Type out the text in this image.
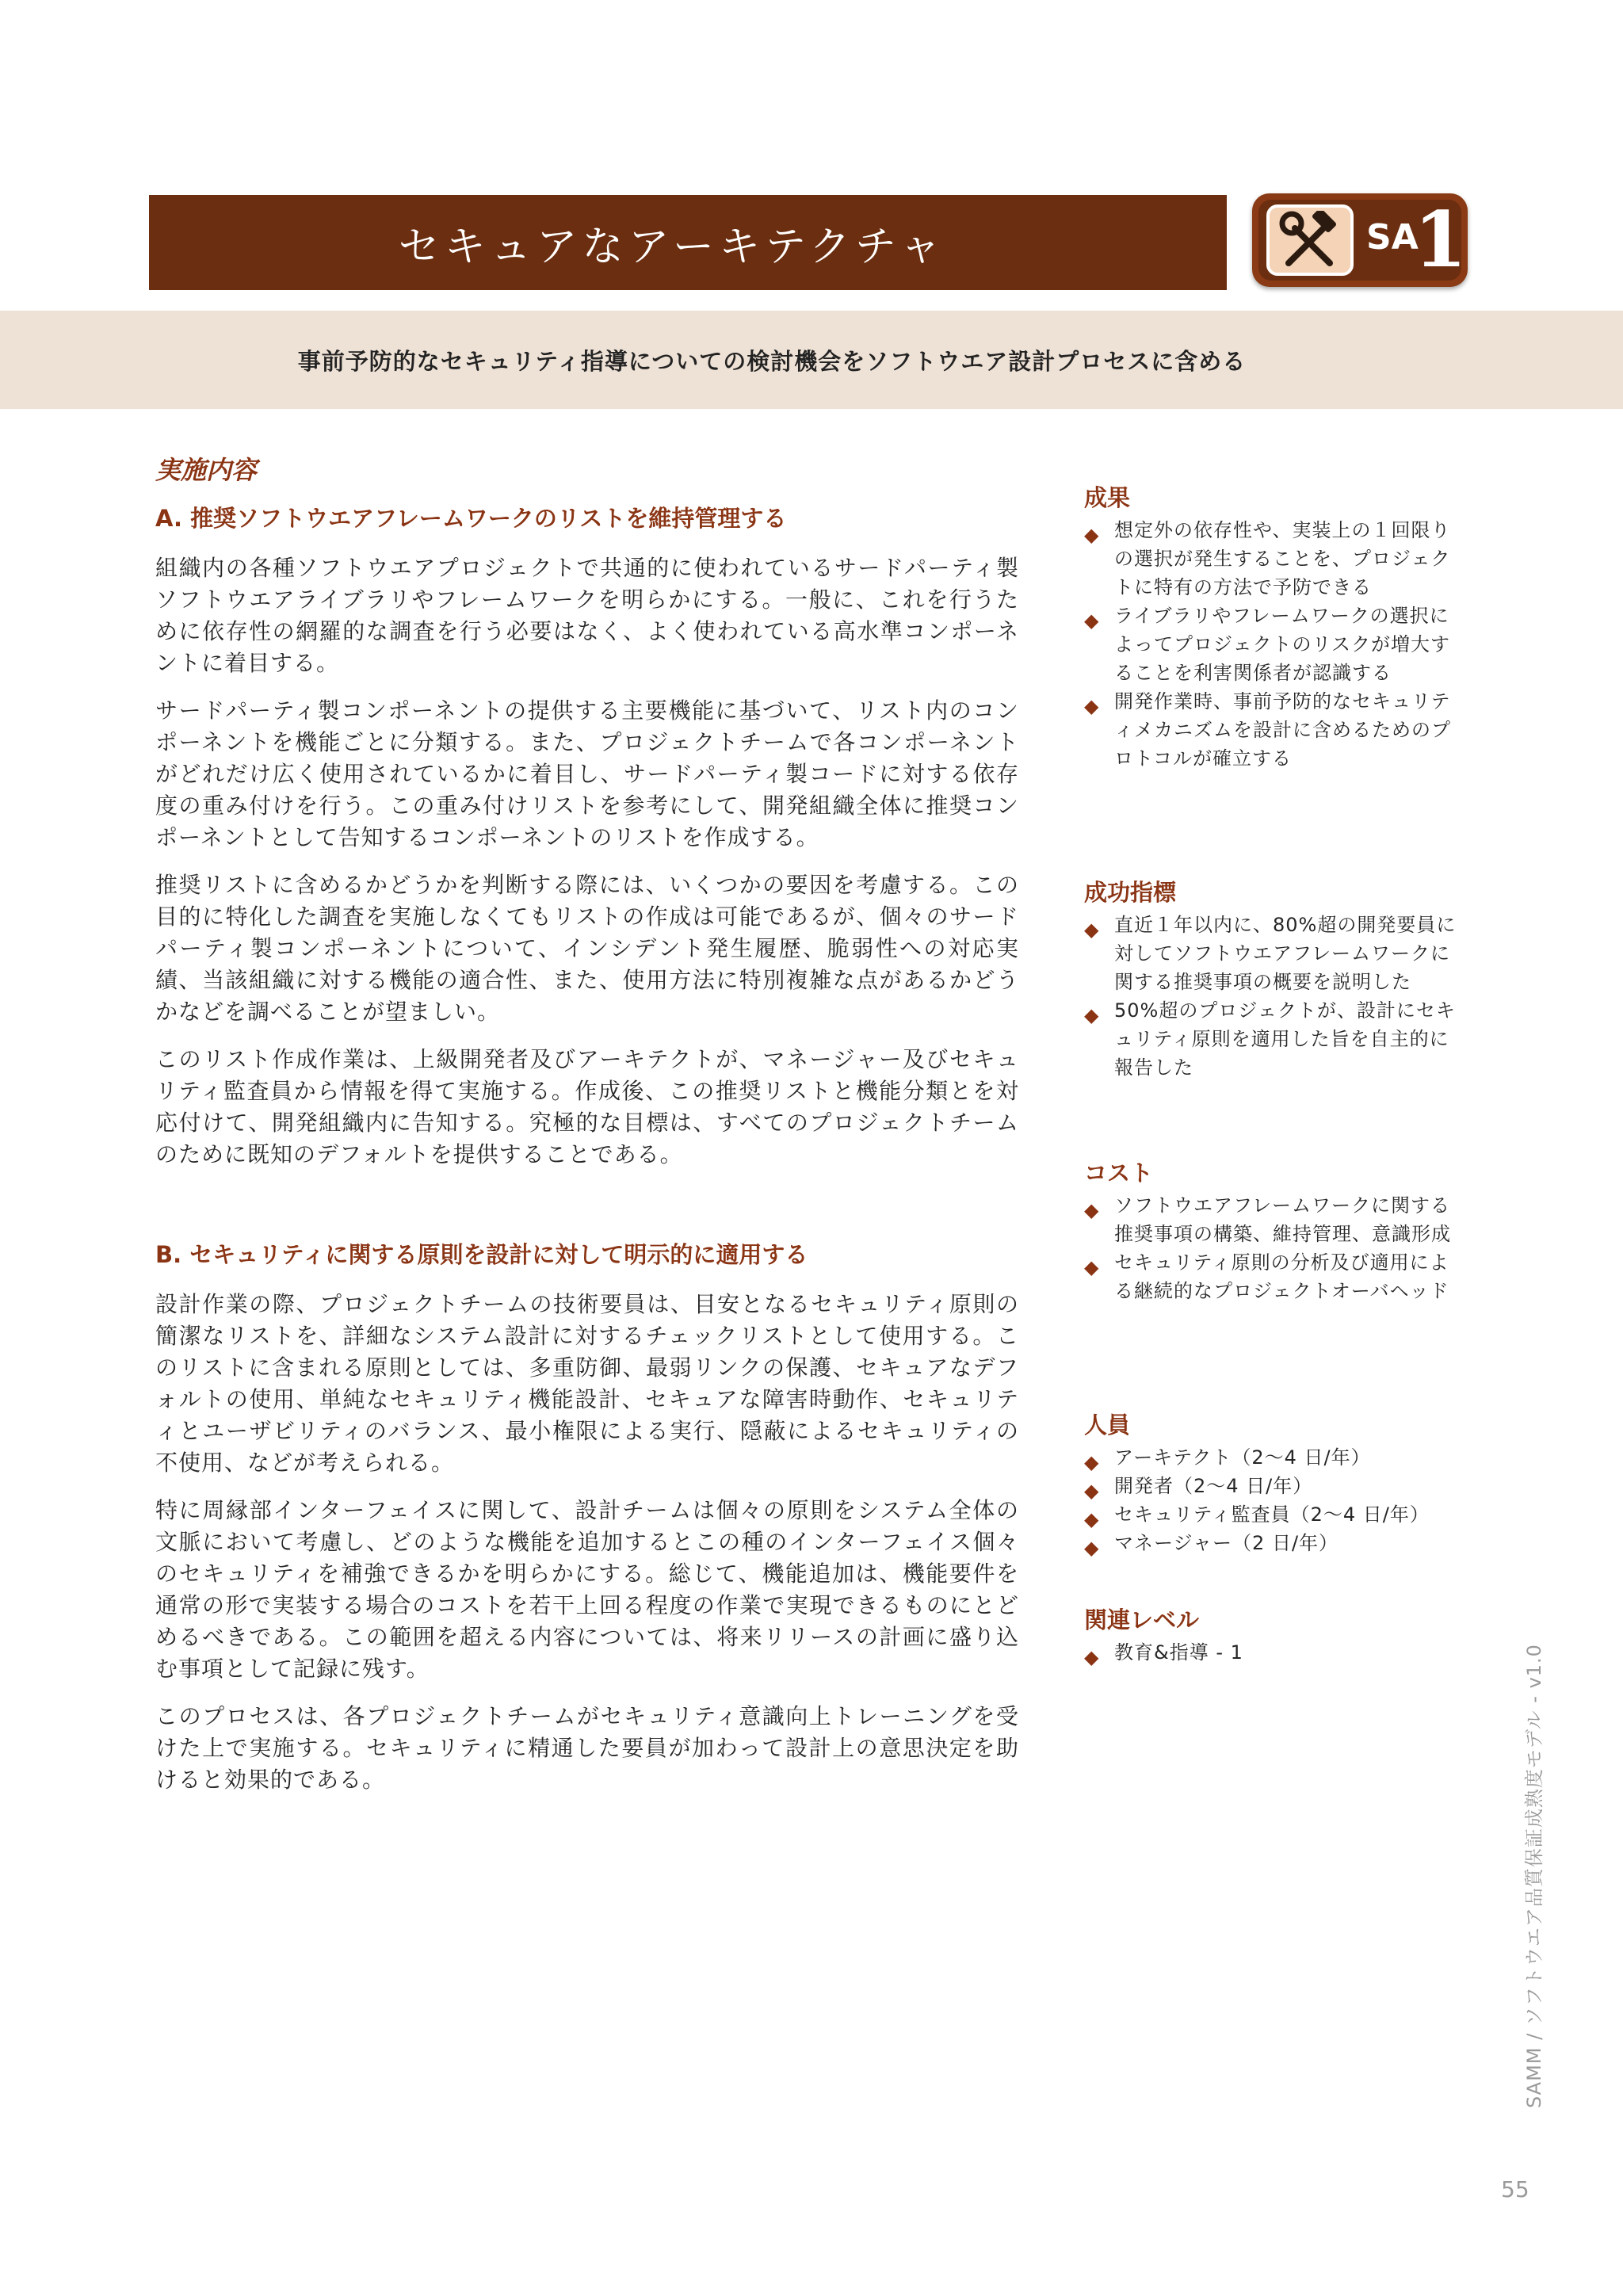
セキュアなアーキテクチャ	SA
1
事前予防的なセキュリティ指導についての検討機会をソフトウエア設計プロセスに含める
実施内容
A. 推奨ソフトウエアフレームワークのリストを維持管理する

組織内の各種ソフトウエアプロジェクトで共通的に使われているサードパーティ製ソフトウエアライブラリやフレームワークを明らかにする。一般に、これを行うために依存性の網羅的な調査を行う必要はなく、よく使われている高水準コンポーネントに着目する。

サードパーティ製コンポーネントの提供する主要機能に基づいて、リスト内のコンポーネントを機能ごとに分類する。また、プロジェクトチームで各コンポーネントがどれだけ広く使用されているかに着目し、サードパーティ製コードに対する依存度の重み付けを行う。この重み付けリストを参考にして、開発組織全体に推奨コンポーネントとして告知するコンポーネントのリストを作成する。

推奨リストに含めるかどうかを判断する際には、いくつかの要因を考慮する。この目的に特化した調査を実施しなくてもリストの作成は可能であるが、個々のサードパーティ製コンポーネントについて、インシデント発生履歴、脆弱性への対応実績、当該組織に対する機能の適合性、また、使用方法に特別複雑な点があるかどうかなどを調べることが望ましい。

このリスト作成作業は、上級開発者及びアーキテクトが、マネージャー及びセキュリティ監査員から情報を得て実施する。作成後、この推奨リストと機能分類とを対応付けて、開発組織内に告知する。究極的な目標は、すべてのプロジェクトチームのために既知のデフォルトを提供することである。

B. セキュリティに関する原則を設計に対して明示的に適用する

設計作業の際、プロジェクトチームの技術要員は、目安となるセキュリティ原則の簡潔なリストを、詳細なシステム設計に対するチェックリストとして使用する。このリストに含まれる原則としては、多重防御、最弱リンクの保護、セキュアなデフォルトの使用、単純なセキュリティ機能設計、セキュアな障害時動作、セキュリティとユーザビリティのバランス、最小権限による実行、隠蔽によるセキュリティの不使用、などが考えられる。

特に周縁部インターフェイスに関して、設計チームは個々の原則をシステム全体の文脈において考慮し、どのような機能を追加するとこの種のインターフェイス個々のセキュリティを補強できるかを明らかにする。総じて、機能追加は、機能要件を通常の形で実装する場合のコストを若干上回る程度の作業で実現できるものにとどめるべきである。この範囲を超える内容については、将来リリースの計画に盛り込む事項として記録に残す。

このプロセスは、各プロジェクトチームがセキュリティ意識向上トレーニングを受けた上で実施する。セキュリティに精通した要員が加わって設計上の意思決定を助けると効果的である。

成果
◆ 想定外の依存性や、実装上の１回限りの選択が発生することを、プロジェクトに特有の方法で予防できる
◆ ライブラリやフレームワークの選択によってプロジェクトのリスクが増大することを利害関係者が認識する
◆ 開発作業時、事前予防的なセキュリティメカニズムを設計に含めるためのプロトコルが確立する
成功指標
◆ 直近１年以内に、80%超の開発要員に対してソフトウエアフレームワークに関する推奨事項の概要を説明した
◆ 50%超のプロジェクトが、設計にセキュリティ原則を適用した旨を自主的に報告した
コスト
◆ ソフトウエアフレームワークに関する推奨事項の構築、維持管理、意識形成
◆ セキュリティ原則の分析及び適用による継続的なプロジェクトオーバヘッド
人員
◆ アーキテクト（2〜4 日/年）
◆ 開発者（2〜4 日/年）
◆ セキュリティ監査員（2〜4 日/年）
◆ マネージャー（2 日/年）
関連レベル
◆ 教育&指導 - 1	SAMM / ソフトウエア品質保証成熟度モデル - v1.0
55
